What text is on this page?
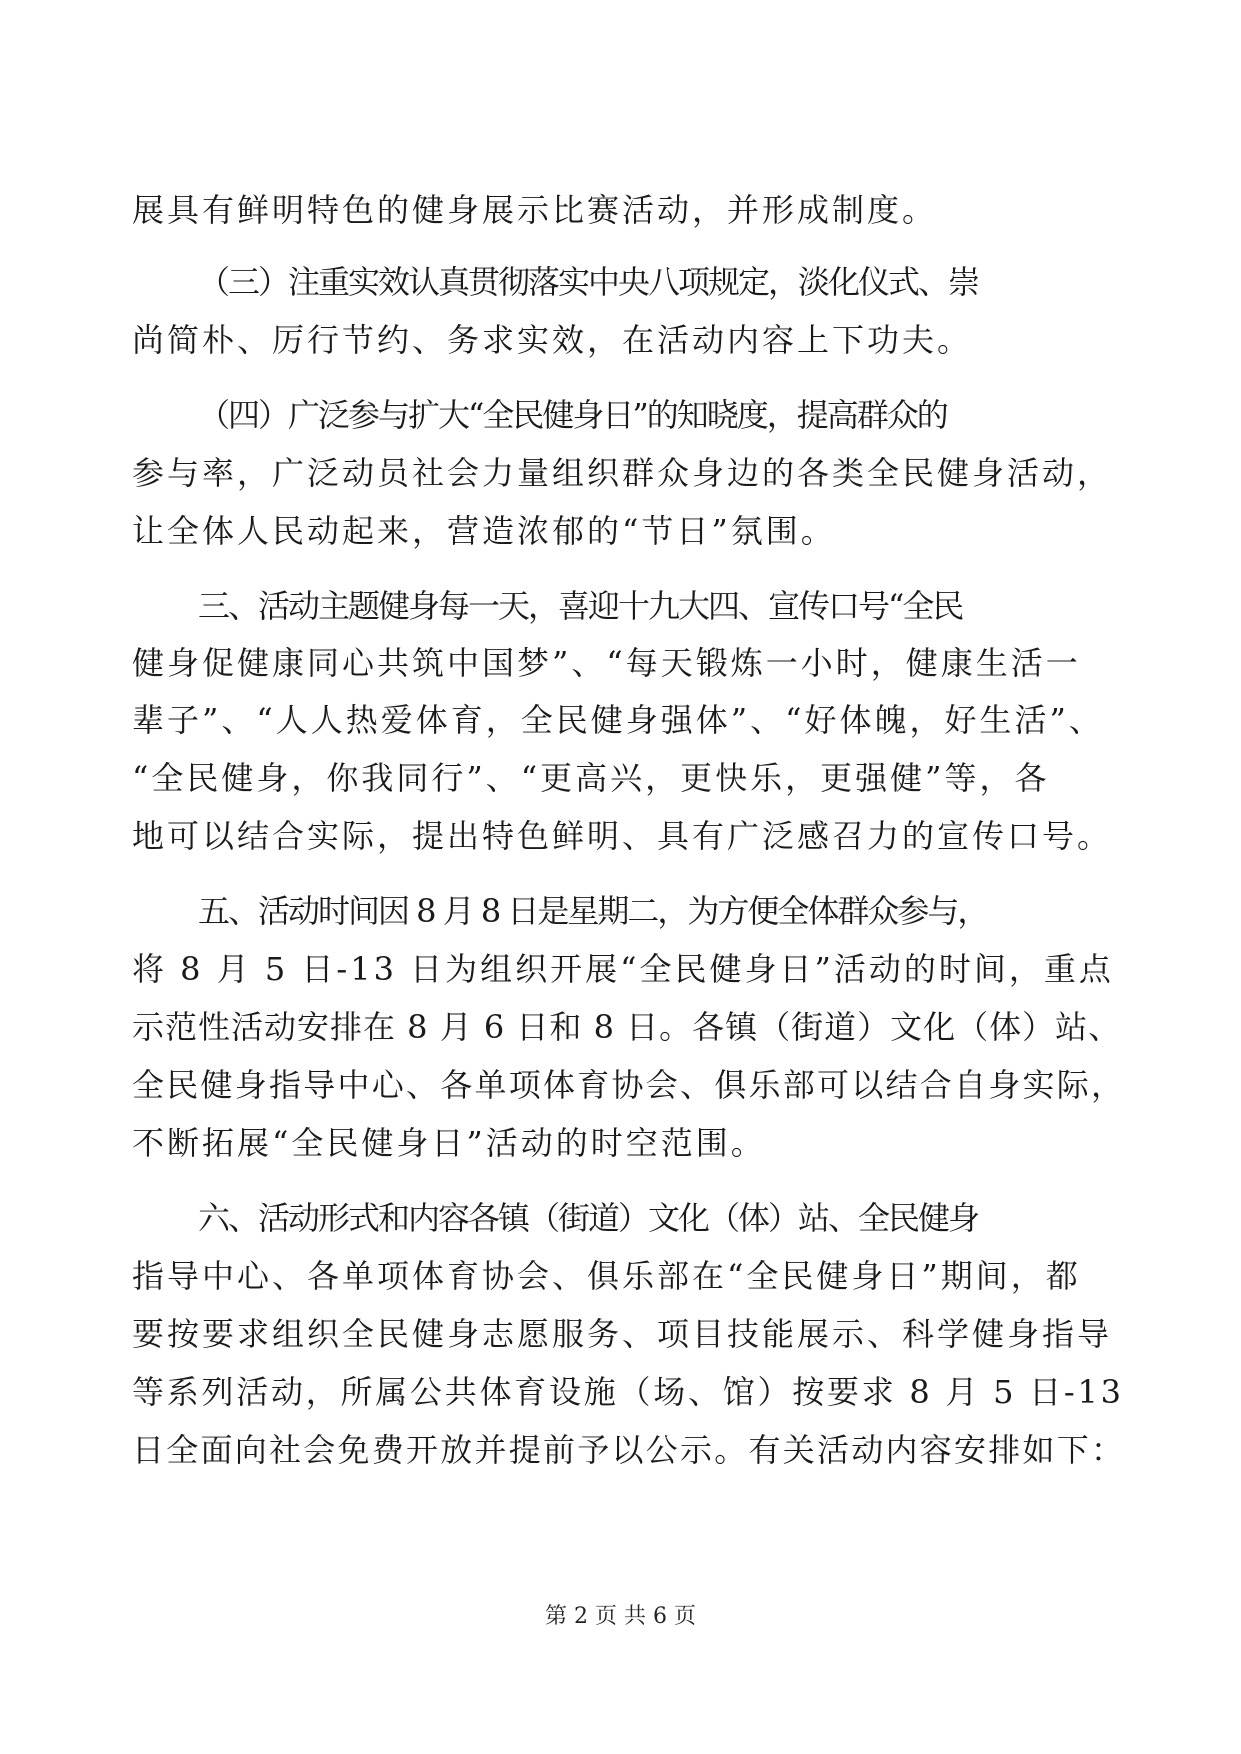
展具有鲜明特色的健身展示比赛活动，并形成制度。
（三）注重实效认真贯彻落实中央八项规定，淡化仪式、崇
尚简朴、厉行节约、务求实效，在活动内容上下功夫。
（四）广泛参与扩大“全民健身日”的知晓度，提高群众的
参与率，广泛动员社会力量组织群众身边的各类全民健身活动，
让全体人民动起来，营造浓郁的“节日”氛围。
三、活动主题健身每一天，喜迎十九大四、宣传口号“全民
健身促健康同心共筑中国梦”、“每天锻炼一小时，健康生活一
辈子”、“人人热爱体育，全民健身强体”、“好体魄，好生活”、
“全民健身，你我同行”、“更高兴，更快乐，更强健”等，各
地可以结合实际，提出特色鲜明、具有广泛感召力的宣传口号。
五、活动时间因 8 月 8 日是星期二，为方便全体群众参与，
将 8 月 5 日-13 日为组织开展“全民健身日”活动的时间，重点
示范性活动安排在 8 月 6 日和 8 日。各镇（街道）文化（体）站、
全民健身指导中心、各单项体育协会、俱乐部可以结合自身实际，
不断拓展“全民健身日”活动的时空范围。
六、活动形式和内容各镇（街道）文化（体）站、全民健身
指导中心、各单项体育协会、俱乐部在“全民健身日”期间，都
要按要求组织全民健身志愿服务、项目技能展示、科学健身指导
等系列活动，所属公共体育设施（场、馆）按要求 8 月 5 日-13
日全面向社会免费开放并提前予以公示。有关活动内容安排如下：
第 2 页 共 6 页
